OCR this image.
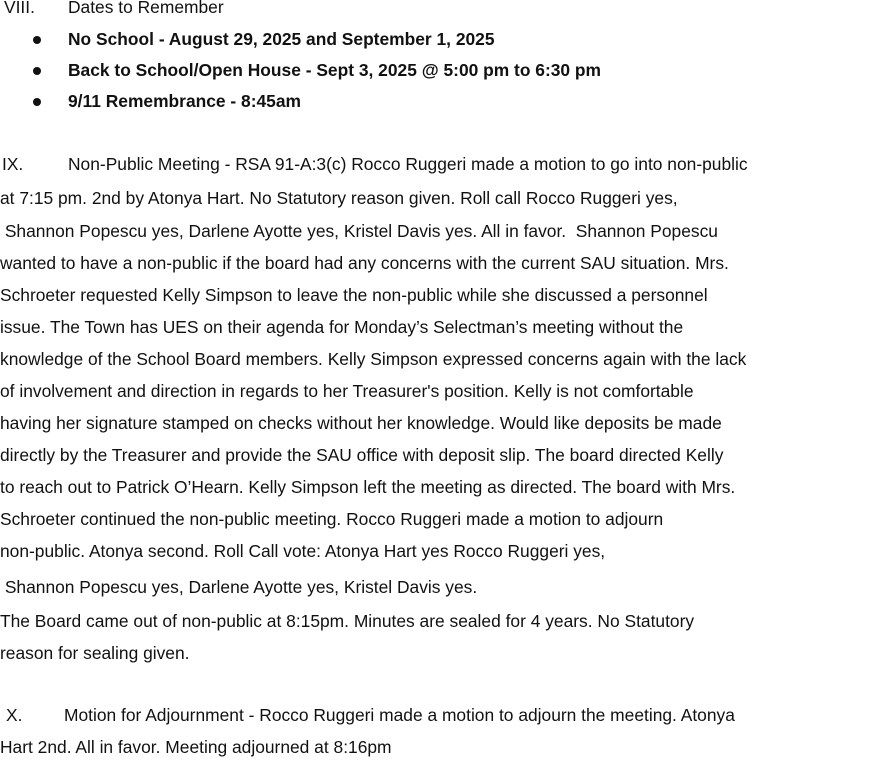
VIII. Dates to Remember
No School - August 29, 2025 and September 1, 2025
Back to School/Open House - Sept 3, 2025 @ 5:00 pm to 6:30 pm
9/11 Remembrance - 8:45am
IX.	Non-Public Meeting - RSA 91-A:3(c) Rocco Ruggeri made a motion to go into non-public
at 7:15 pm. 2nd by Atonya Hart. No Statutory reason given. Roll call Rocco Ruggeri yes,
Shannon Popescu yes, Darlene Ayotte yes, Kristel Davis yes. All in favor.  Shannon Popescu
wanted to have a non-public if the board had any concerns with the current SAU situation. Mrs.
Schroeter requested Kelly Simpson to leave the non-public while she discussed a personnel
issue. The Town has UES on their agenda for Monday’s Selectman’s meeting without the
knowledge of the School Board members. Kelly Simpson expressed concerns again with the lack
of involvement and direction in regards to her Treasurer's position. Kelly is not comfortable
having her signature stamped on checks without her knowledge. Would like deposits be made
directly by the Treasurer and provide the SAU office with deposit slip. The board directed Kelly
to reach out to Patrick O’Hearn. Kelly Simpson left the meeting as directed. The board with Mrs.
Schroeter continued the non-public meeting. Rocco Ruggeri made a motion to adjourn
non-public. Atonya second. Roll Call vote: Atonya Hart yes Rocco Ruggeri yes,
Shannon Popescu yes, Darlene Ayotte yes, Kristel Davis yes.
The Board came out of non-public at 8:15pm. Minutes are sealed for 4 years. No Statutory
reason for sealing given.
X. Motion for Adjournment - Rocco Ruggeri made a motion to adjourn the meeting. Atonya
Hart 2nd. All in favor. Meeting adjourned at 8:16pm
